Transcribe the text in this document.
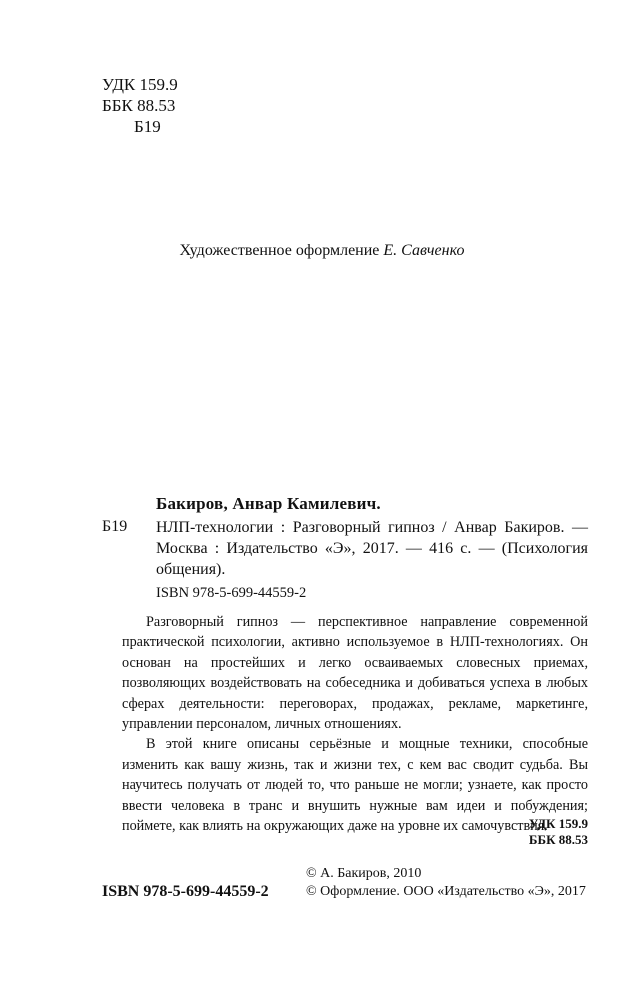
УДК 159.9
ББК 88.53
Б19
Художественное оформление Е. Савченко
Бакиров, Анвар Камилевич.
Б19 НЛП-технологии : Разговорный гипноз / Анвар Бакиров. — Москва : Издательство «Э», 2017. — 416 с. — (Психология общения).
ISBN 978-5-699-44559-2

Разговорный гипноз — перспективное направление современной практической психологии, активно используемое в НЛП-технологиях. Он основан на простейших и легко осваиваемых словесных приемах, позволяющих воздействовать на собеседника и добиваться успеха в любых сферах деятельности: переговорах, продажах, рекламе, маркетинге, управлении персоналом, личных отношениях.

В этой книге описаны серьёзные и мощные техники, способные изменить как вашу жизнь, так и жизни тех, с кем вас сводит судьба. Вы научитесь получать от людей то, что раньше не могли; узнаете, как просто ввести человека в транс и внушить нужные вам идеи и побуждения; поймете, как влиять на окружающих даже на уровне их самочувствия.

УДК 159.9
ББК 88.53
ISBN 978-5-699-44559-2
© А. Бакиров, 2010
© Оформление. ООО «Издательство «Э», 2017
